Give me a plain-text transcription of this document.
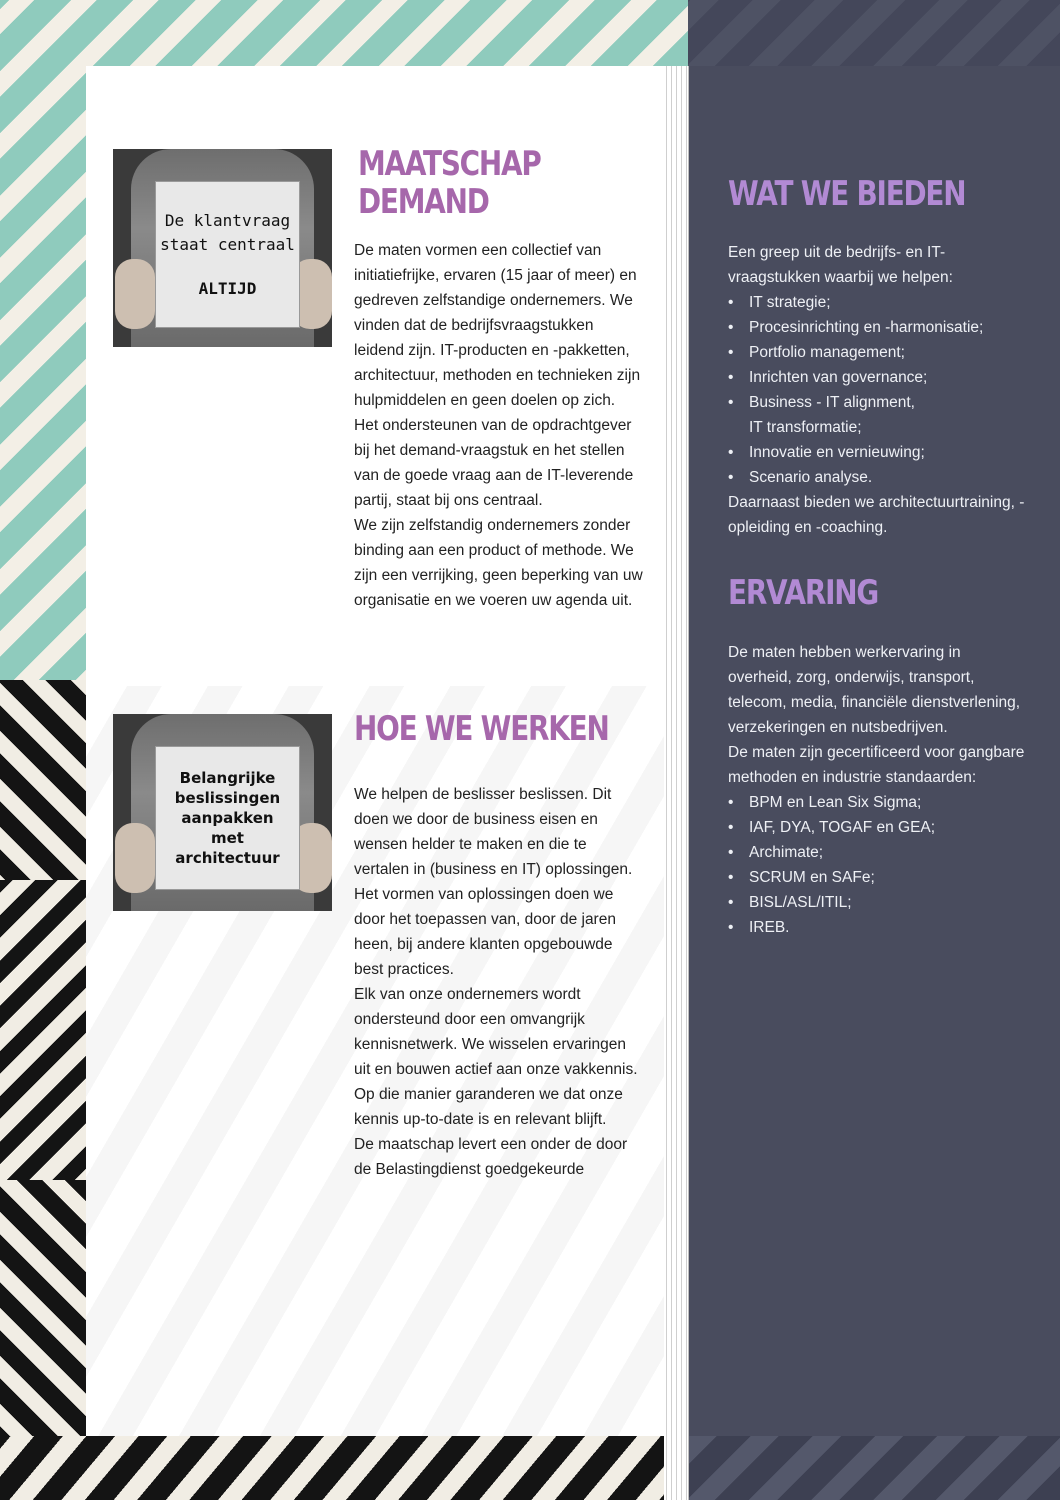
De klantvraag
staat centraal
ALTIJD
MAATSCHAP
DEMAND

De maten vormen een collectief van initiatiefrijke, ervaren (15 jaar of meer) en gedreven zelfstandige ondernemers. We vinden dat de bedrijfsvraagstukken leidend zijn. IT-producten en -pakketten, architectuur, methoden en technieken zijn hulpmiddelen en geen doelen op zich.

Het ondersteunen van de opdrachtgever bij het demand-vraagstuk en het stellen van de goede vraag aan de IT-leverende partij, staat bij ons centraal.

We zijn zelfstandig ondernemers zonder binding aan een product of methode. We zijn een verrijking, geen beperking van uw organisatie en we voeren uw agenda uit.

Belangrijke
beslissingen
aanpakken
met
architectuur
HOE WE WERKEN

We helpen de beslisser beslissen. Dit doen we door de business eisen en wensen helder te maken en die te vertalen in (business en IT) oplossingen.

Het vormen van oplossingen doen we door het toepassen van, door de jaren heen, bij andere klanten opgebouwde best practices.

Elk van onze ondernemers wordt ondersteund door een omvangrijk kennisnetwerk. We wisselen ervaringen uit en bouwen actief aan onze vakkennis. Op die manier garanderen we dat onze kennis up-to-date is en relevant blijft.

De maatschap levert een onder de door de Belastingdienst goedgekeurde

WAT WE BIEDEN

Een greep uit de bedrijfs- en IT-vraagstukken waarbij we helpen:

• IT strategie;
• Procesinrichting en -harmonisatie;
• Portfolio management;
• Inrichten van governance;
• Business - IT alignment, IT transformatie;
• Innovatie en vernieuwing;
• Scenario analyse.

Daarnaast bieden we architectuurtraining, -opleiding en -coaching.

ERVARING

De maten hebben werkervaring in overheid, zorg, onderwijs, transport, telecom, media, financiële dienstverlening, verzekeringen en nutsbedrijven.

De maten zijn gecertificeerd voor gangbare methoden en industrie standaarden:

• BPM en Lean Six Sigma;
• IAF, DYA, TOGAF en GEA;
• Archimate;
• SCRUM en SAFe;
• BISL/ASL/ITIL;
• IREB.
